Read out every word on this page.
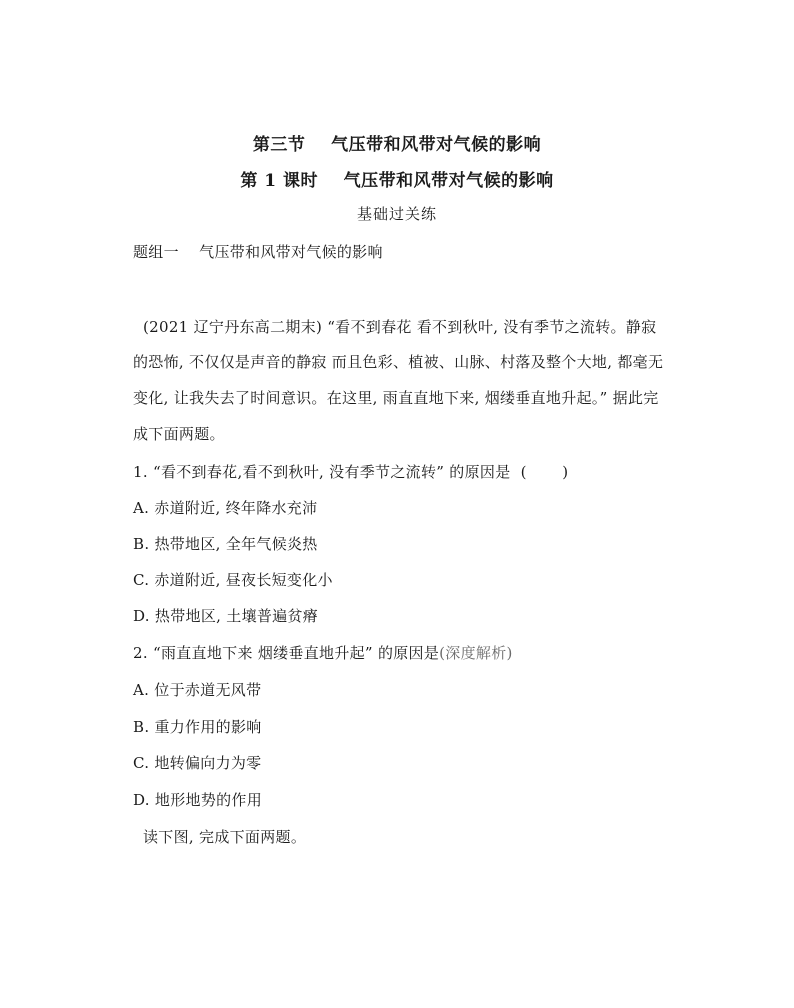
第三节    气压带和风带对气候的影响
第 1 课时    气压带和风带对气候的影响
基础过关练
题组一    气压带和风带对气候的影响
(2021 辽宁丹东高二期末) “看不到春花 看不到秋叶, 没有季节之流转。静寂
的恐怖, 不仅仅是声音的静寂 而且色彩、植被、山脉、村落及整个大地, 都毫无
变化, 让我失去了时间意识。在这里, 雨直直地下来, 烟缕垂直地升起。” 据此完
成下面两题。
1. “看不到春花,看不到秋叶, 没有季节之流转” 的原因是  (       )
A. 赤道附近, 终年降水充沛
B. 热带地区, 全年气候炎热
C. 赤道附近, 昼夜长短变化小
D. 热带地区, 土壤普遍贫瘠
2. “雨直直地下来 烟缕垂直地升起” 的原因是(深度解析)
A. 位于赤道无风带
B. 重力作用的影响
C. 地转偏向力为零
D. 地形地势的作用
读下图, 完成下面两题。
